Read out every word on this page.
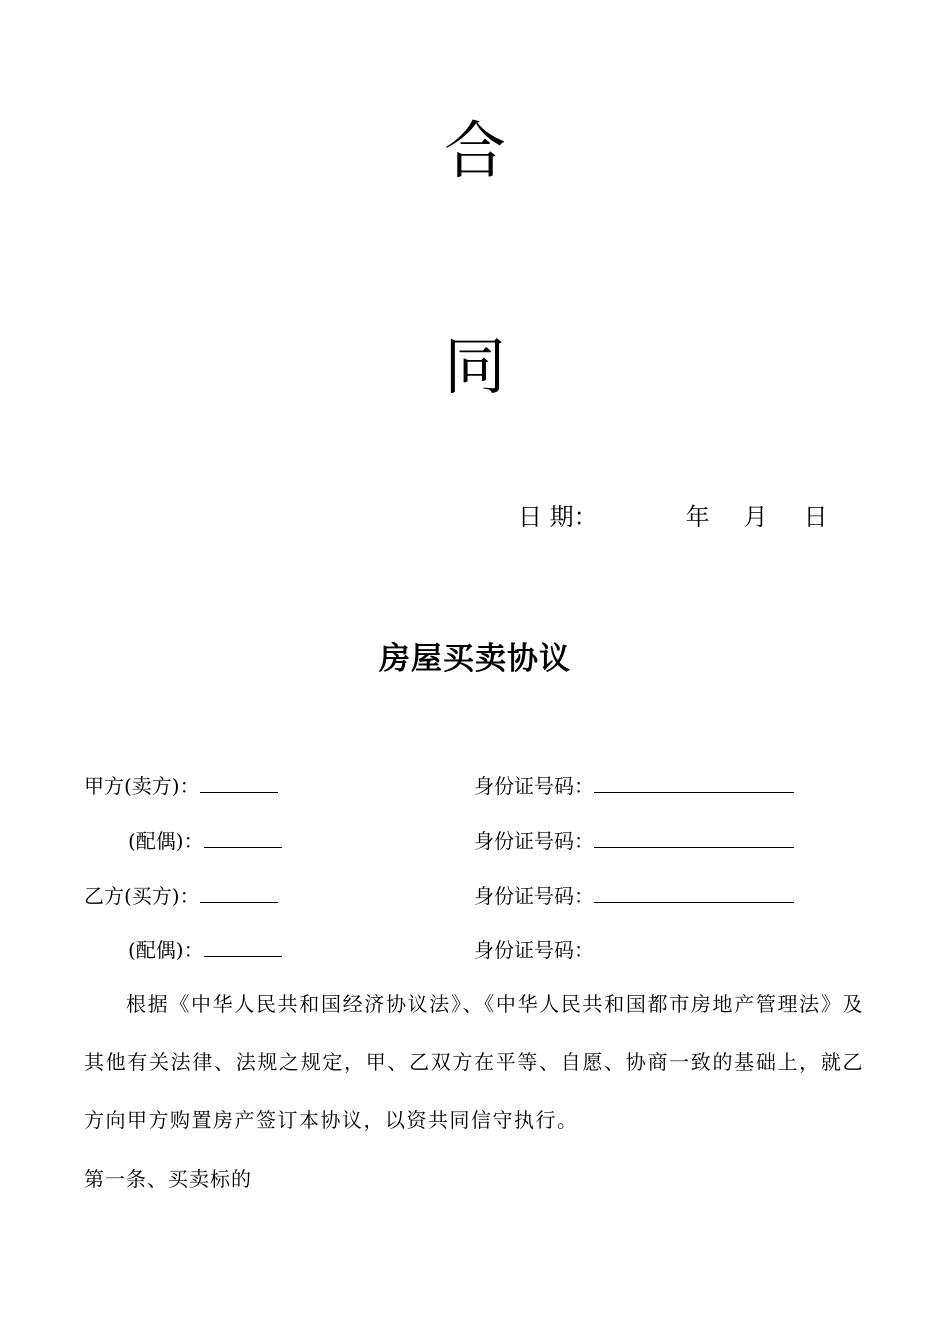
合
同
日 期：	年 月 日
房屋买卖协议
甲方(卖方)：	身份证号码：
(配偶)：	身份证号码：
乙方(买方)：	身份证号码：
(配偶)：	身份证号码：
根据《中华人民共和国经济协议法》、《中华人民共和国都市房地产管理法》及其他有关法律、法规之规定，甲、乙双方在平等、自愿、协商一致的基础上，就乙方向甲方购置房产签订本协议，以资共同信守执行。
第一条、买卖标的
